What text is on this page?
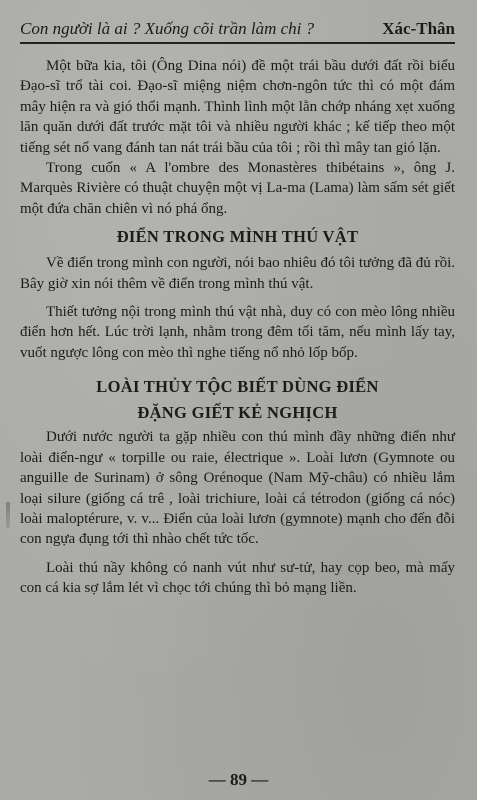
Con người là ai ? Xuống cõi trần làm chi ?	Xác-Thân

Một bữa kia, tôi (Ông Dina nói) đề một trái bầu dưới đất rồi biểu Đạo-sĩ trổ tài coi. Đạo-sĩ miệng niệm chơn-ngôn tức thì có một đám mây hiện ra và gió thổi mạnh. Thình lình một lằn chớp nháng xẹt xuống lăn quăn dưới đất trước mặt tôi và nhiều người khác ; kế tiếp theo một tiếng sét nổ vang đánh tan nát trái bầu của tôi ; rồi thì mây tan gió lặn.

Trong cuốn « A l'ombre des Monastères thibétains », ông J. Marquès Rivière có thuật chuyện một vị La-ma (Lama) làm sấm sét giết một đứa chăn chiên vì nó phá ổng.

ĐIỂN TRONG MÌNH THÚ VẬT

Về điển trong mình con người, nói bao nhiêu đó tôi tưởng đã đủ rồi. Bây giờ xin nói thêm về điển trong mình thú vật.

Thiết tưởng nội trong mình thú vật nhà, duy có con mèo lông nhiều điển hơn hết. Lúc trời lạnh, nhằm trong đêm tối tăm, nếu mình lấy tay, vuốt ngược lông con mèo thì nghe tiếng nổ nhỏ lốp bốp.

LOÀI THỦY TỘC BIẾT DÙNG ĐIỂN
ĐẶNG GIẾT KẺ NGHỊCH

Dưới nước người ta gặp nhiều con thú mình đầy những điển như loài điển-ngư « torpille ou raie, électrique ». Loài lươn (Gymnote ou anguille de Surinam) ở sông Orénoque (Nam Mỹ-châu) có nhiều lắm loại silure (giống cá trê , loài trichiure, loài cá tétrodon (giống cá nóc) loài maloptérure, v. v... Điển của loài lươn (gymnote) mạnh cho đến đỗi con ngựa đụng tới thì nhào chết tức tốc.

Loài thú nầy không có nanh vút như sư-tử, hay cọp beo, mà mấy con cá kia sợ lắm lét vì chọc tới chúng thì bỏ mạng liền.

— 89 —
